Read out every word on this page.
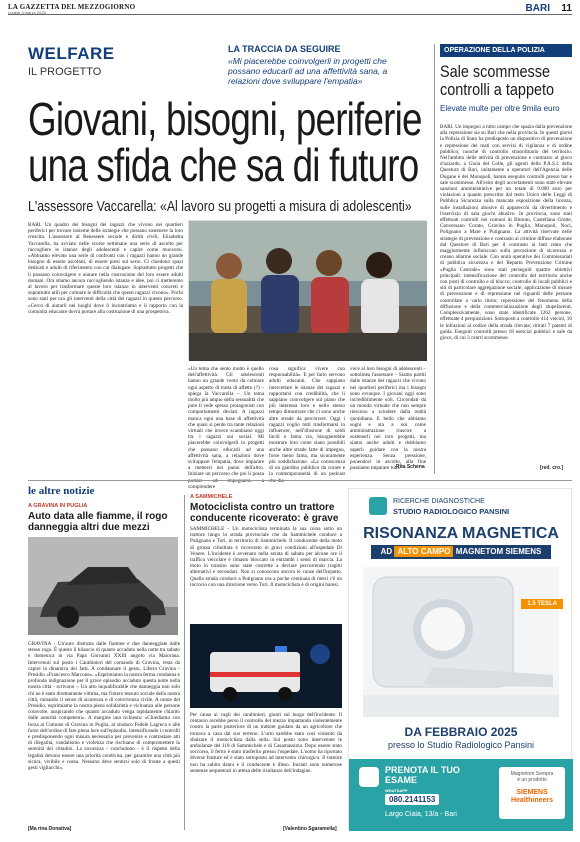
LA GAZZETTA DEL MEZZOGIORNO
Lunedì 3 marzo 2025	BARI 11
WELFARE
IL PROGETTO
LA TRACCIA DA SEGUIRE
«Mi piacerebbe coinvolgerli in progetti che possano educarli ad una affettività sana, a relazioni dove sviluppare l'empatia»
Giovani, bisogni, periferie
una sfida che sa di futuro
L'assessore Vaccarella: «Al lavoro su progetti a misura di adolescenti»
BARI. Un quadro dei bisogni dei ragazzi che vivono nei quartieri periferici per trovare insieme delle strategie che possano sostenere la loro crescita. L'assessore al Benessere sociale e diritti civili, Elisabetta Vaccarella, ha avviato nelle scorse settimane una serie di ascolto per raccogliere le istanze degli adolescenti e capire come muoversi. «Abbiamo elevato una serie di confronti con i ragazzi hanno un grande bisogno di essere ascoltati, di essere presi sul serio. Ci chiedono spazi dedicati e adulti di riferimento con cui dialogare. Soprattutto progetti che li possano coinvolgere e aiutare nella costruzione del loro essere adulti domani. Ora stiamo ancora raccogliendo istanze e idee, poi ci metteremo al lavoro per trasformare queste loro istanze in interventi concreti e soprattutto utili per colmare le difficoltà che questi ragazzi vivono». Pochi sono stati per ora gli interventi della città dei ragazzi in questo percorso. «Cerco di aiutarli nei luoghi dove li incontriamo e il rapporto con la comunità educante dovrà portare alla costruzione di una prospettiva.
«Un tema che sento molto è quello dell'affettività. Gli adolescenti hanno un grande vuoto da colmare ogni aspetto di tratta di affetto (?) – spiega la Vaccarella –. Un tema molto più ampio della sessualità che pure lì vede spesso protagonisti con comportamenti deviati. A ragazzi manca ogni una base di affettività che quasi si perde tra tante relazioni virtuali che invece scambiano oggi tra i ragazzi sui social. Mi piacerebbe coinvolgerli in progetti che possano educarli ad una affettività sana, a relazioni dove sviluppare l'empatia, dove imparare a mettersi nei panni dell'altro. Iniziare un percorso che poi li possa comprendere
cosa significa vivere con responsabilità». E per farlo servono adulti educanti. Che sappiano intercettare le istanze dei ragazzi e rapportarsi con credibilità, che li sappiano coinvolgere sul piano che più interessa loro e nello stesso tempo dimostrare che ci sono anche altre strade da percorrere. Oggi i ragazzi voglio tutti trasformarsi in influencer, nell'illusione di soldi facili e fama via, bisognerebbe mostrare loro come siano possibili anche altre strade fatte di impegno, forse meno fama, ma sicuramente più soddisfazione. «La conoscenza di un giardino pubblico da curare e la contemporaneità di un podcast
voce al loro bisogni di adolescenti – sottolinea l'assessore – Siamo partiti dalle istanze dei ragazzi che vivono nei quartieri periferici ma i bisogni sono ovunque. I giovani oggi sono incredibilmente soli. Circondati da un mondo virtuale che non sempre riescono a scindere dalla realtà quotidiana. E bello che abbiamo sogni e sta a noi come amministrazione riuscire a sostenerli nei loro progetti, ma siamo anche adulti e dobbiamo saperli guidare con la nostra esperienza. Senza pressione, ponendoci in ascolto, alla fine possiamo imparare tutti.
Rita Schena
OPERAZIONE DELLA POLIZIA
Sale scommesse controlli a tappeto
Elevate multe per oltre 9mila euro
BARI. Un impegno a tutto campo che spazia dalla prevenzione alla repressione sia su Bari che nella provincia. In questi giorni la Polizia di Stato ha predisposto un dispositivo di prevenzione e repressione dei reati con servizi di vigilanza e di ordine pubblico, nonché di controllo straordinario del territorio. Nell'ambito delle attività di prevenzione e contrasto al gioco d'azzardo, a Gioia del Colle, gli agenti della P.A.S.I. della Questura di Bari, unitamente a operatori dell'Agenzia delle Dogane e dei Monopoli, hanno eseguito controlli presso bar e sale scommesse. All'esito degli accertamenti sono state elevate sanzioni amministrative per un totale di 9.000 euro per violazioni a quanto prescritto dal testo Unico delle Leggi di Pubblica Sicurezza sulla mancata esposizione della licenza, sulle installazioni abusive di apparecchi da divertimento e l'esercizio di sala giochi abusivo. In provincia, sono stati effettuati controlli nei comuni di Bitonto, Castellana Grotte, Conversano Corato, Gravina in Puglia, Monopoli, Noci, Polignano a Mare e Putignano. La attività riservate nelle strategie di prevenzione e contrasto ai crimine diffuse elaborate dal Questore di Bari per il contrasto ai fatti reato che maggiormente influiscono sulla percezione di sicurezza e creano allarme sociale. Con unità operative dei Commissariati di pubblica sicurezza e del Reparto Prevenzione Crimine «Puglia Centrale» sono stati perseguiti quattro obiettivi principali: intensificazione del controllo del territorio anche con posti di controllo e di blocco; controllo di locali pubblici e siti di particolare aggregazione sociale; applicazione di misure di prevenzione e di repressione nei riguardi delle persone controllate a vario titolo; repressione del fenomeno della diffusione e della commercializzazione degli stupefacenti. Complessivamente, sono state identificate 1262 persone, effettuate 4 perquisizioni. Sottoposti a controllo 414 veicoli, 16 le infrazioni al codice della strada rilevate; ritirati 7 patenti di guida. Eseguiti controlli presso 18 esercizi pubblici e sale da gioco, di cui 3 centri scommesse.
[red. cro.]
le altre notizie
A GRAVINA IN PUGLIA
Auto data alle fiamme, il rogo danneggia altri due mezzi
GRAVINA - Un'auto distrutta dalle fiamme e due danneggiate dalle stesso rogo. È questo il bilancio di quanto accaduto nella notte tra sabato e domenica in via Papa Giovanni XXIII angolo via Maiorana. Intervenuti sul posto i Carabinieri del comando di Gravina, resta da capire la dinamica dei fatti. A condannare il gesto, Libera Gravina - Presidio «Francesco Marcone». «Esprimiamo la nostra ferma condanna e profonda indignazione per il grave episodio accaduto questa notte nella nostra città - scrivono -. Un atto inqualificabile che danneggia non solo chi ne è stato direttamente vittima, ma l'intero tessuto sociale della nostra città, minando il senso di sicurezza e di convivenza civile. A nome del Presidio, esprimiamo la nostra piena solidarietà e vicinanza alle persone coinvolte, auspicando che quanto accaduto venga rapidamente chiarito dalle autorità competenti». A margine una richiesta: «Chiediamo con forza al Comune di Gravina in Puglia, al sindaco Fedele Lagreca e alle forze dell'ordine di fare piena luce sull'episodio, intensificando i controlli e predisponendo ogni misura necessaria per prevenire e contrastare atti di illegalità, vandalismo e violenza che rischiano di compromettere la serenità dei cittadini. La sicurezza - concludono - è il rispetto della legalità devono essere una priorità condivisa, per garantire una città più sicura, vivibile e coesa. Nessuno deve sentirsi solo di fronte a questi gesti vigliacchi».
[Ma rina Donativa]
A SAMMICHELE
Motociclista contro un trattore conducente ricoverato: è grave
SAMMICHELE - Un motociclista terminata la sua corsa sotto un trattore lungo la strada provinciale che da Sammichele conduce a Putignano e Turi, in territorio di Sammichele. Il conducente della moto di grossa cilindrata è ricoverato in gravi condizioni all'ospedale Di Venere. L'incidente è avvenuto nella serata di sabato per alcune ore il traffico veicolare è rimasto bloccato in entrambi i sensi di marcia. La moto in transito sono state costrette a deviare percorrendo tragitti alternativi e secondari. Non si conoscono ancora le cause dell'impatto. Quella strada conduce a Putignano ora a poche centinaia di metri c'è un incrocio con una direzione verso Turi. Il motociclista è di origini baresi.
Per cause ai vagli dei carabinieri, giunti sul luogo dell'incidente. Il centauro avrebbe perso il controllo del mezzo impattando violentemente contro la parte posteriore di un trattore guidato da un agricoltore che tornava a casa dal suo terreno. L'urto sarebbe stato così violento da sbalzare il motociclista dalla sella. Sul posto sono intervenute le ambulanze del 118 di Sammichele e di Casamassima. Dopo essere stato soccorso, il ferito è stato trasferito presso l'ospedale. L'uomo ha riportato diverse fratture ed è stato sottoposto ad intervento chirurgico. Il trattore non ha subito danni e il conducente è illeso. Iniziati sono numerose sentenze sequestrati in attesa delle risultanze dell'indagine.
[Valentino Sgaramella]
RICERCHE DIAGNOSTICHE
STUDIO RADIOLOGICO PANSINI
RISONANZA MAGNETICA
AD ALTO CAMPO MAGNETOM SIEMENS
1.5 TESLA
DA FEBBRAIO 2025
presso lo Studio Radiologico Pansini
PRENOTA IL TUO ESAME
WHATSAPP
080.2141153
Largo Ciaia, 13/a - Bari
Magnetom Sempra
è un prodotto
SIEMENS Healthineers
